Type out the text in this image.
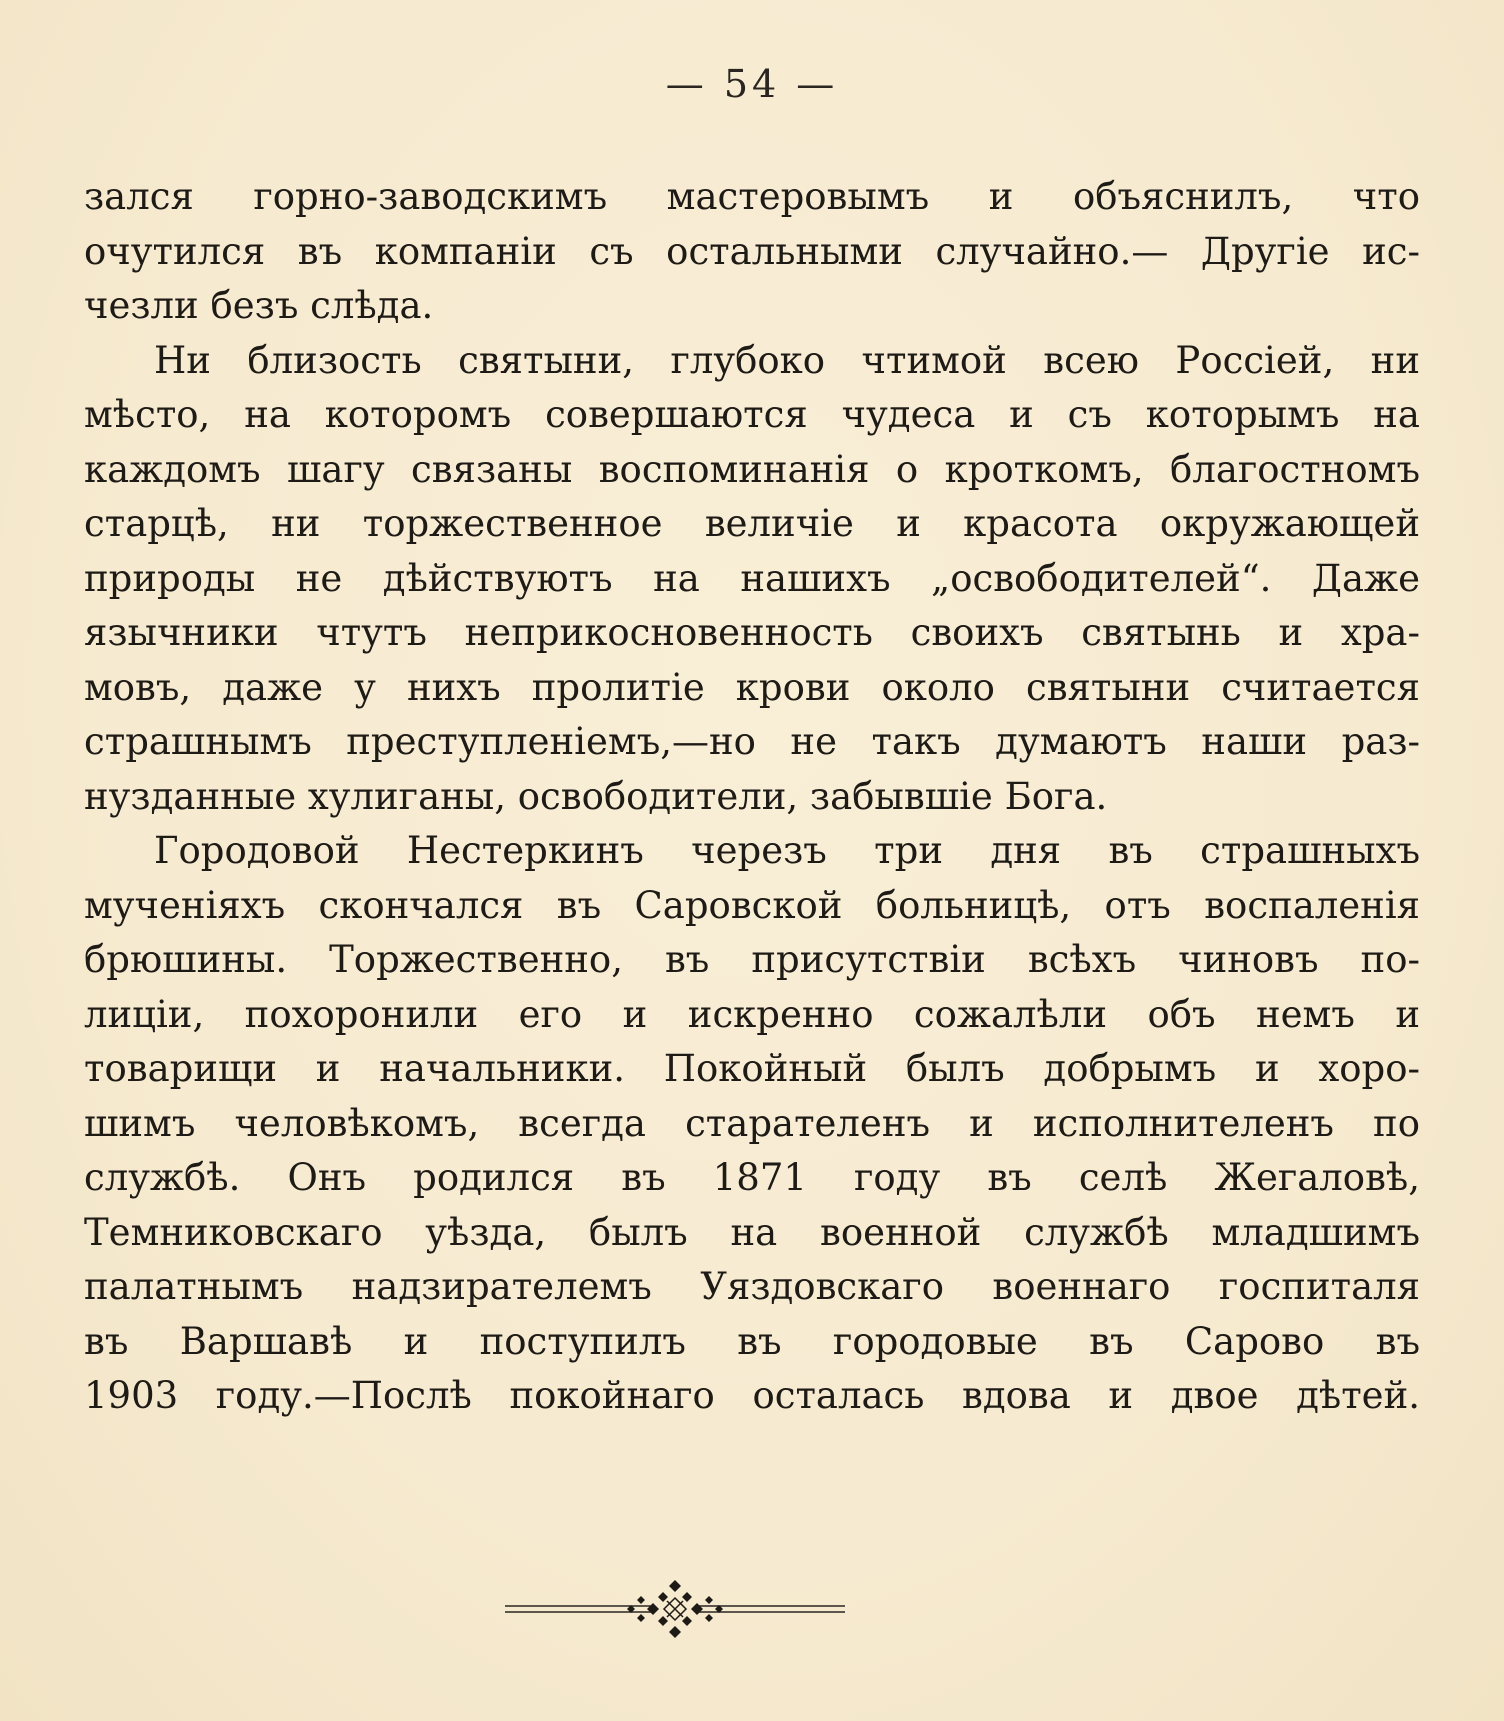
— 54 —
зался горно-заводскимъ мастеровымъ и объяснилъ, что
очутился въ компаніи съ остальными случайно.— Другіе ис-
чезли безъ слѣда.
Ни близость святыни, глубоко чтимой всею Россіей, ни
мѣсто, на которомъ совершаются чудеса и съ которымъ на
каждомъ шагу связаны воспоминанія о кроткомъ, благостномъ
старцѣ, ни торжественное величіе и красота окружающей
природы не дѣйствуютъ на нашихъ „освободителей“. Даже
язычники чтутъ неприкосновенность своихъ святынь и хра-
мовъ, даже у нихъ пролитіе крови около святыни считается
страшнымъ преступленіемъ,—но не такъ думаютъ наши раз-
нузданные хулиганы, освободители, забывшіе Бога.
Городовой Нестеркинъ черезъ три дня въ страшныхъ
мученіяхъ скончался въ Саровской больницѣ, отъ воспаленія
брюшины. Торжественно, въ присутствіи всѣхъ чиновъ по-
лиціи, похоронили его и искренно сожалѣли объ немъ и
товарищи и начальники. Покойный былъ добрымъ и хоро-
шимъ человѣкомъ, всегда старателенъ и исполнителенъ по
службѣ. Онъ родился въ 1871 году въ селѣ Жегаловѣ,
Темниковскаго уѣзда, былъ на военной службѣ младшимъ
палатнымъ надзирателемъ Уяздовскаго военнаго госпиталя
въ Варшавѣ и поступилъ въ городовые въ Сарово въ
1903 году.—Послѣ покойнаго осталась вдова и двое дѣтей.
